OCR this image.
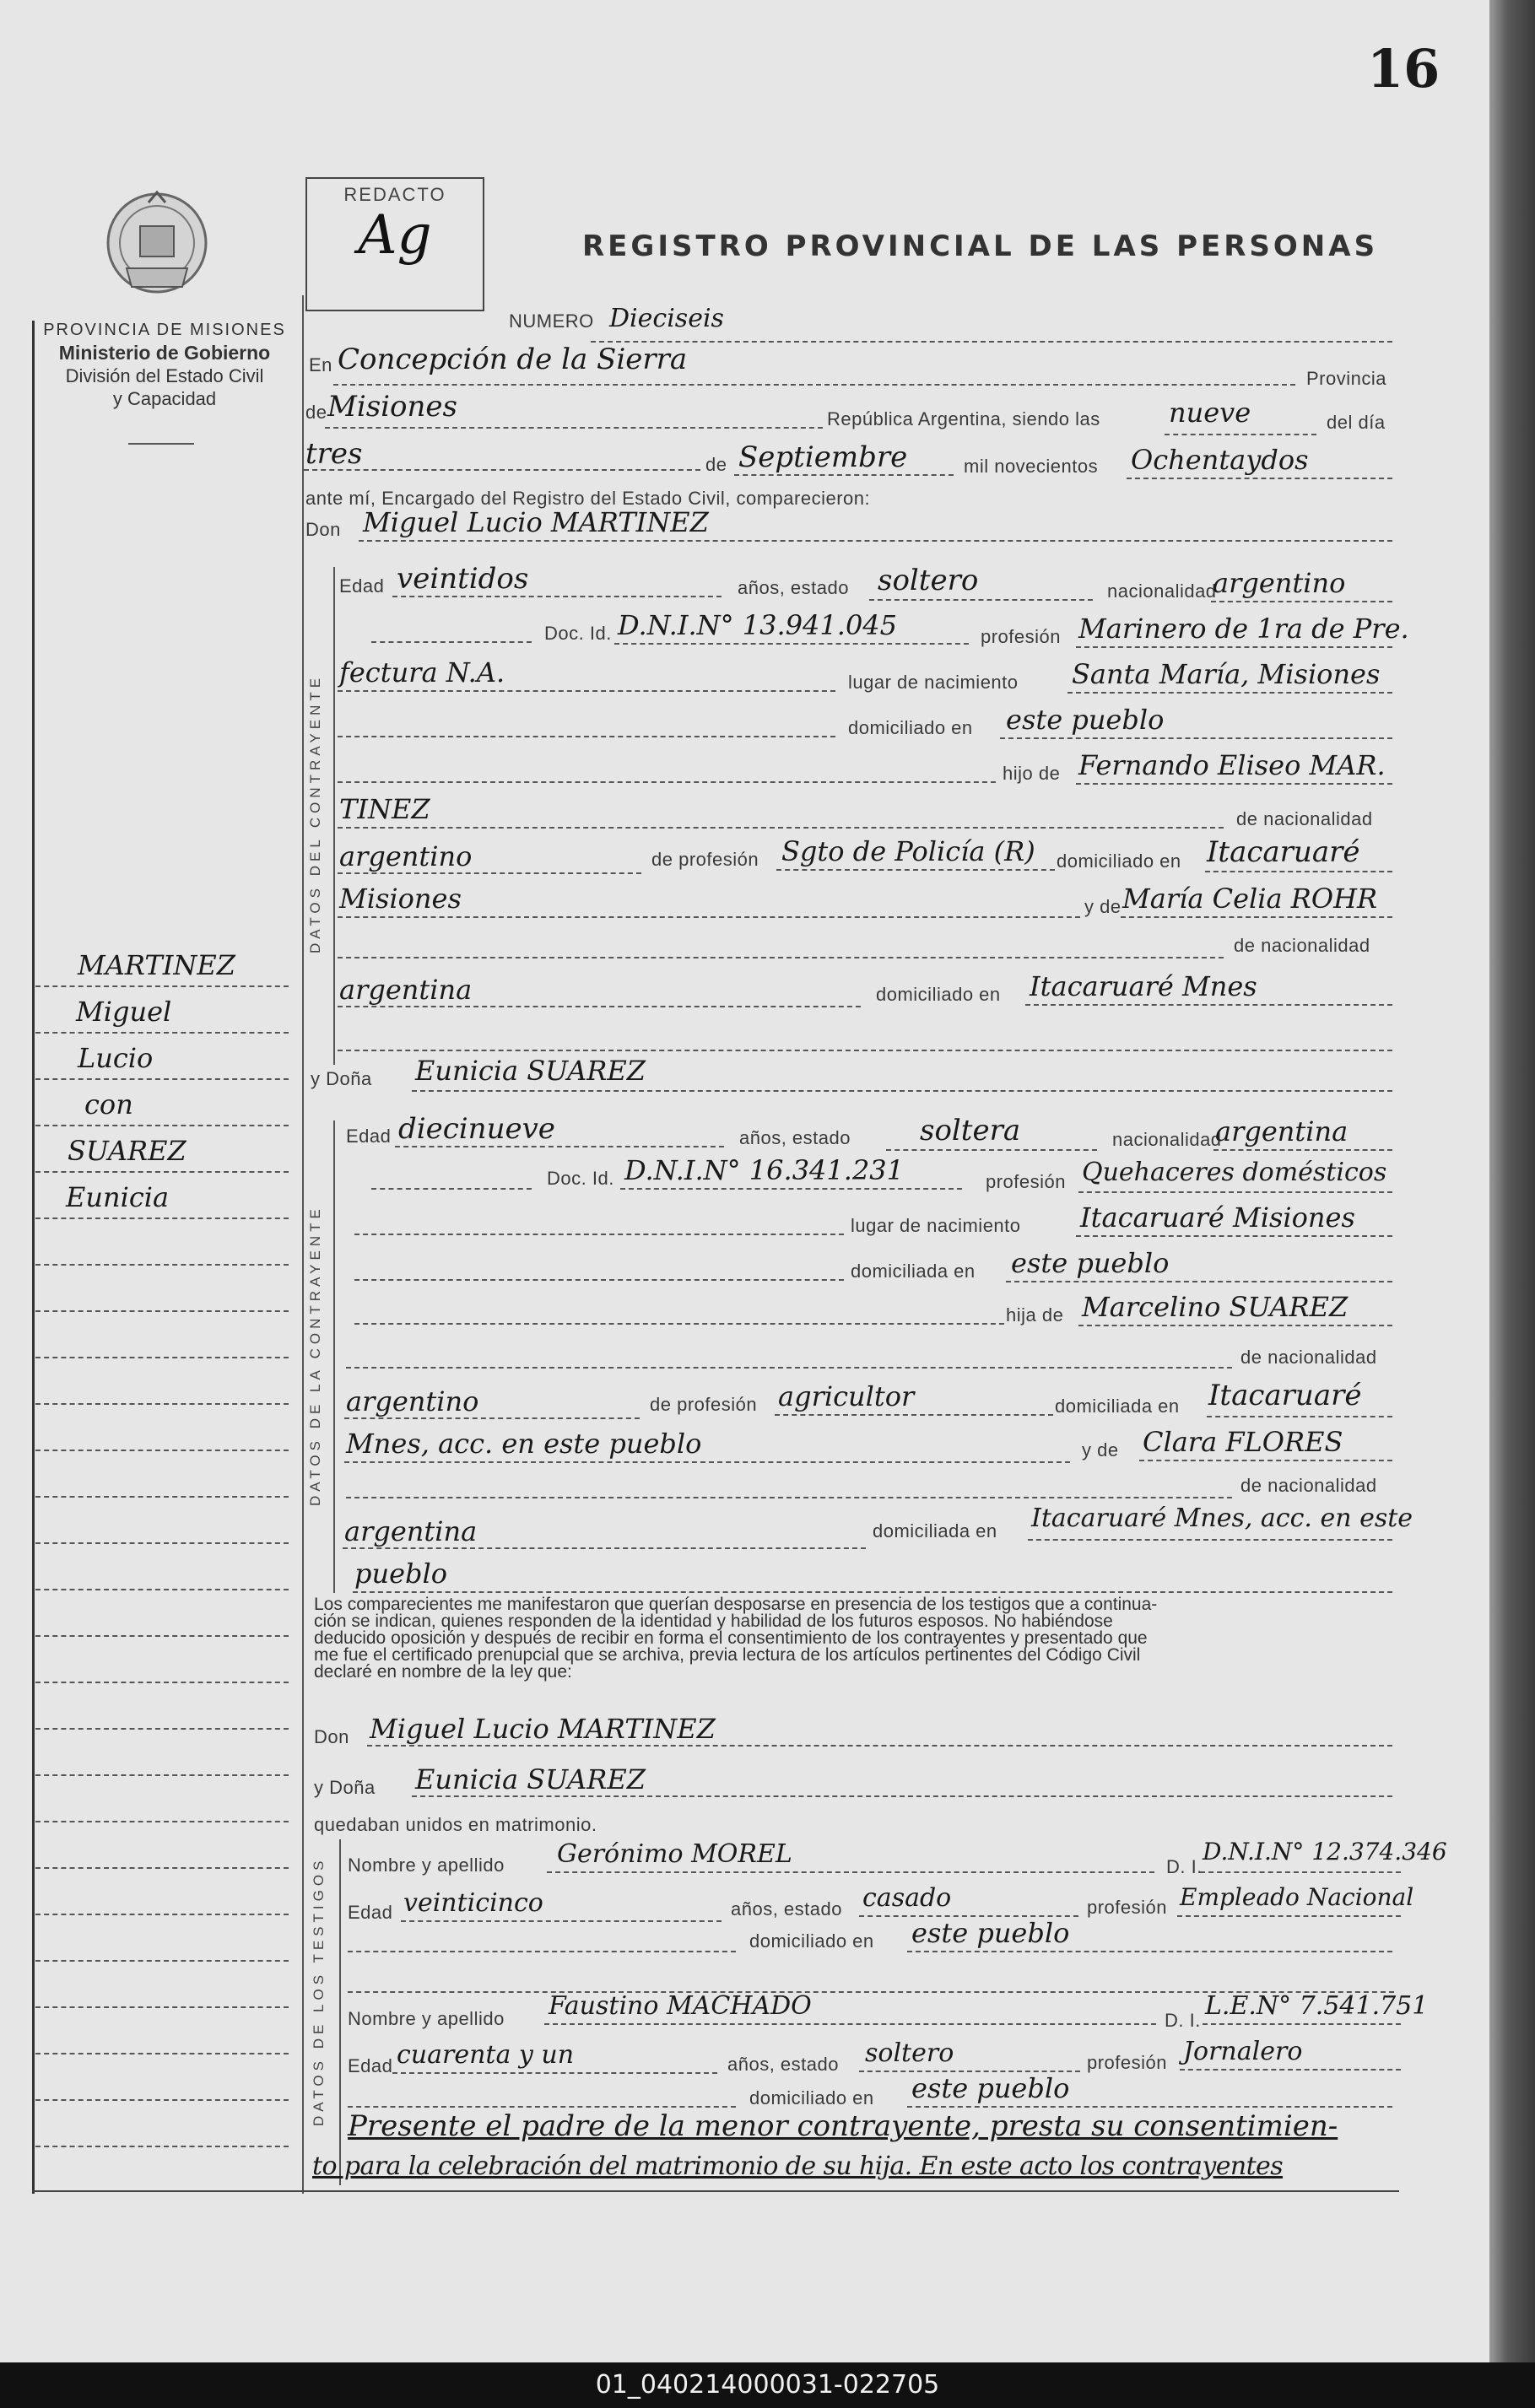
16
REDACTO
Ag	REGISTRO PROVINCIAL DE LAS PERSONAS
PROVINCIA DE MISIONES
Ministerio de Gobierno
División del Estado Civil
y Capacidad
MARTINEZ
Miguel
Lucio
con
SUAREZ
Eunicia
NUMERO Dieciseis
En Concepción de la Sierra
Provincia
de Misiones	República Argentina, siendo las	nueve	del día
tres	de Septiembre	mil novecientos Ochentaydos
ante mí, Encargado del Registro del Estado Civil, comparecieron:
Don Miguel Lucio MARTINEZ
DATOS DEL CONTRAYENTE
Edad veintidos	años, estado soltero	nacionalidad
argentino
Doc. Id. D.N.I.N° 13.941.045	profesión Marinero de 1ra de Pre.
fectura N.A.	lugar de nacimiento Santa María, Misiones
domiciliado en este pueblo
hijo de Fernando Eliseo MAR.
TINEZ	de nacionalidad
argentino	de profesión Sgto de Policía (R) domiciliado en Itacaruaré
Misiones	y de María Celia ROHR
de nacionalidad
argentina	domiciliado en Itacaruaré Mnes
y Doña Eunicia SUAREZ
DATOS DE LA CONTRAYENTE
Edad diecinueve	años, estado soltera	nacionalidad
argentina
Doc. Id. D.N.I.N° 16.341.231	profesión Quehaceres domésticos
lugar de nacimiento Itacaruaré Misiones
domiciliada en este pueblo
hija de Marcelino SUAREZ
de nacionalidad
argentino	de profesión agricultor	domiciliada en Itacaruaré
Mnes, acc. en este pueblo	y de Clara FLORES
de nacionalidad
argentina	domiciliada en Itacaruaré Mnes, acc. en este
pueblo
Los comparecientes me manifestaron que querían desposarse en presencia de los testigos que a continua-
ción se indican, quienes responden de la identidad y habilidad de los futuros esposos. No habiéndose
deducido oposición y después de recibir en forma el consentimiento de los contrayentes y presentado que
me fue el certificado prenupcial que se archiva, previa lectura de los artículos pertinentes del Código Civil
declaré en nombre de la ley que:
Don Miguel Lucio MARTINEZ
y Doña Eunicia SUAREZ
quedaban unidos en matrimonio.
DATOS DE LOS TESTIGOS Nombre y apellido Gerónimo MOREL	D. I.
D.N.I.N° 12.374.346
Edad veinticinco	años, estado casado	profesión Empleado Nacional
domiciliado en este pueblo
Nombre y apellido Faustino MACHADO	D. I. L.E.N° 7.541.751
Edad cuarenta y un	años, estado soltero	profesión Jornalero
domiciliado en este pueblo
Presente el padre de la menor contrayente, presta su consentimien-
to para la celebración del matrimonio de su hija. En este acto los contrayentes
01_040214000031-022705
